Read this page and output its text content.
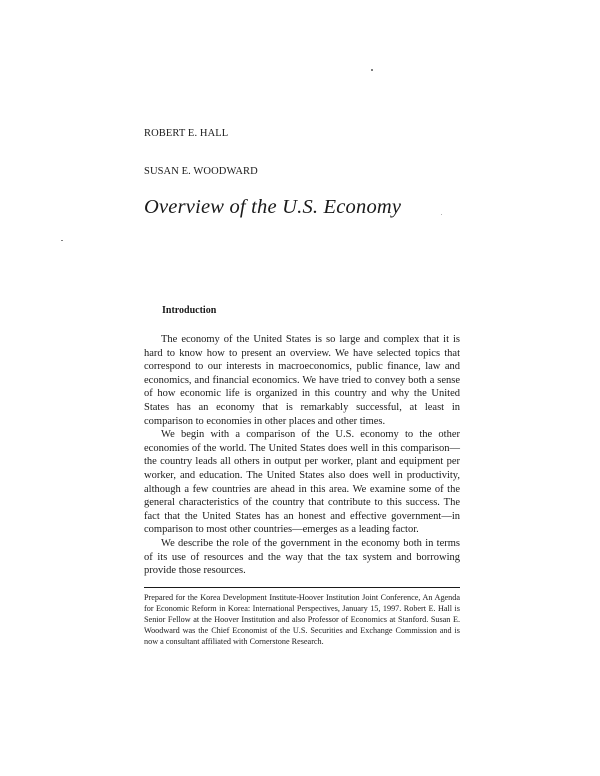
ROBERT E. HALL
SUSAN E. WOODWARD
Overview of the U.S. Economy
Introduction

The economy of the United States is so large and complex that it is hard to know how to present an overview. We have selected topics that correspond to our interests in macroeconomics, public finance, law and economics, and financial economics. We have tried to convey both a sense of how economic life is organized in this country and why the United States has an economy that is remarkably successful, at least in comparison to economies in other places and other times.

We begin with a comparison of the U.S. economy to the other economies of the world. The United States does well in this comparison—the country leads all others in output per worker, plant and equipment per worker, and education. The United States also does well in productivity, although a few countries are ahead in this area. We examine some of the general characteristics of the country that contribute to this success. The fact that the United States has an honest and effective government—in comparison to most other countries—emerges as a leading factor.

We describe the role of the government in the economy both in terms of its use of resources and the way that the tax system and borrowing provide those resources.

Prepared for the Korea Development Institute-Hoover Institution Joint Conference, An Agenda for Economic Reform in Korea: International Perspectives, January 15, 1997. Robert E. Hall is Senior Fellow at the Hoover Institution and also Professor of Economics at Stanford. Susan E. Woodward was the Chief Economist of the U.S. Securities and Exchange Commission and is now a consultant affiliated with Cornerstone Research.
